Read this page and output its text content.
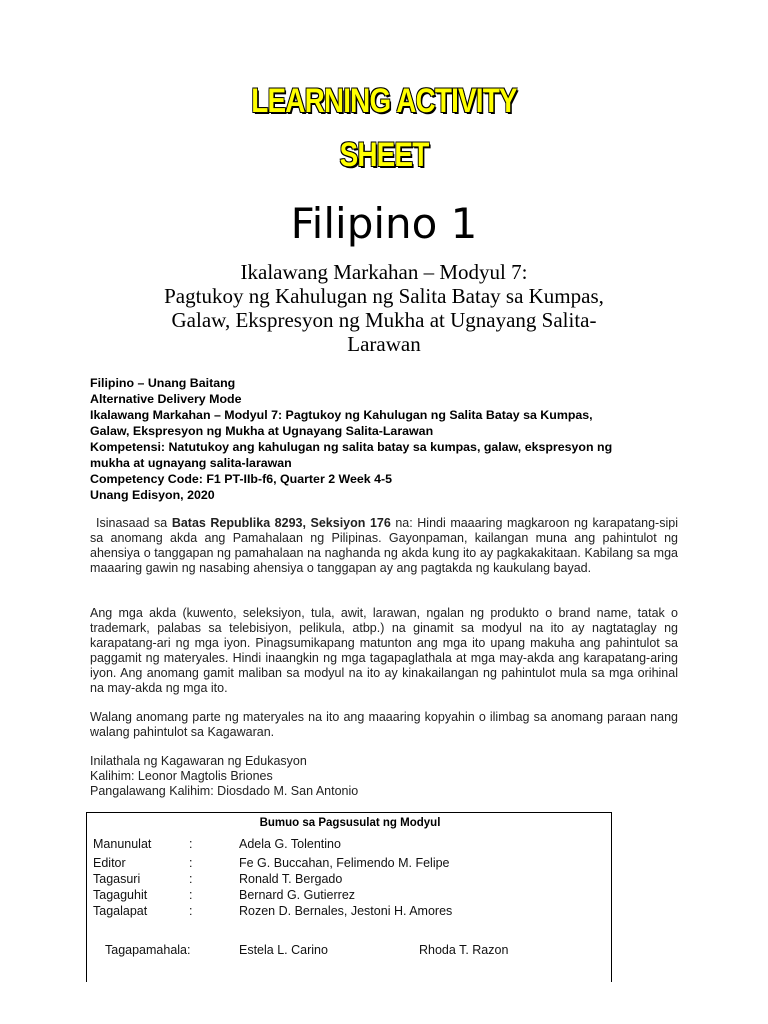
LEARNING ACTIVITY
SHEET
Filipino 1
Ikalawang Markahan – Modyul 7:
Pagtukoy ng Kahulugan ng Salita Batay sa Kumpas,
Galaw, Ekspresyon ng Mukha at Ugnayang Salita-
Larawan
Filipino – Unang Baitang
Alternative Delivery Mode
Ikalawang Markahan – Modyul 7: Pagtukoy ng Kahulugan ng Salita Batay sa Kumpas,
Galaw, Ekspresyon ng Mukha at Ugnayang Salita-Larawan
Kompetensi: Natutukoy ang kahulugan ng salita batay sa kumpas, galaw, ekspresyon ng
mukha at ugnayang salita-larawan
Competency Code: F1 PT-IIb-f6, Quarter 2 Week 4-5
Unang Edisyon, 2020
Isinasaad sa Batas Republika 8293, Seksiyon 176 na: Hindi maaaring magkaroon ng karapatang-sipi sa anomang akda ang Pamahalaan ng Pilipinas. Gayonpaman, kailangan muna ang pahintulot ng ahensiya o tanggapan ng pamahalaan na naghanda ng akda kung ito ay pagkakakitaan. Kabilang sa mga maaaring gawin ng nasabing ahensiya o tanggapan ay ang pagtakda ng kaukulang bayad.
Ang mga akda (kuwento, seleksiyon, tula, awit, larawan, ngalan ng produkto o brand name, tatak o trademark, palabas sa telebisiyon, pelikula, atbp.) na ginamit sa modyul na ito ay nagtataglay ng karapatang-ari ng mga iyon. Pinagsumikapang matunton ang mga ito upang makuha ang pahintulot sa paggamit ng materyales. Hindi inaangkin ng mga tagapaglathala at mga may-akda ang karapatang-aring iyon. Ang anomang gamit maliban sa modyul na ito ay kinakailangan ng pahintulot mula sa mga orihinal na may-akda ng mga ito.
Walang anomang parte ng materyales na ito ang maaaring kopyahin o ilimbag sa anomang paraan nang walang pahintulot sa Kagawaran.
Inilathala ng Kagawaran ng Edukasyon
Kalihim: Leonor Magtolis Briones
Pangalawang Kalihim: Diosdado M. San Antonio
Bumuo sa Pagsusulat ng Modyul
Manunulat	:	Adela G. Tolentino
Editor	:	Fe G. Buccahan, Felimendo M. Felipe
Tagasuri	:	Ronald T. Bergado
Tagaguhit	:	Bernard G. Gutierrez
Tagalapat	:	Rozen D. Bernales, Jestoni H. Amores
Tagapamahala:	Estela L. Carino	Rhoda T. Razon
